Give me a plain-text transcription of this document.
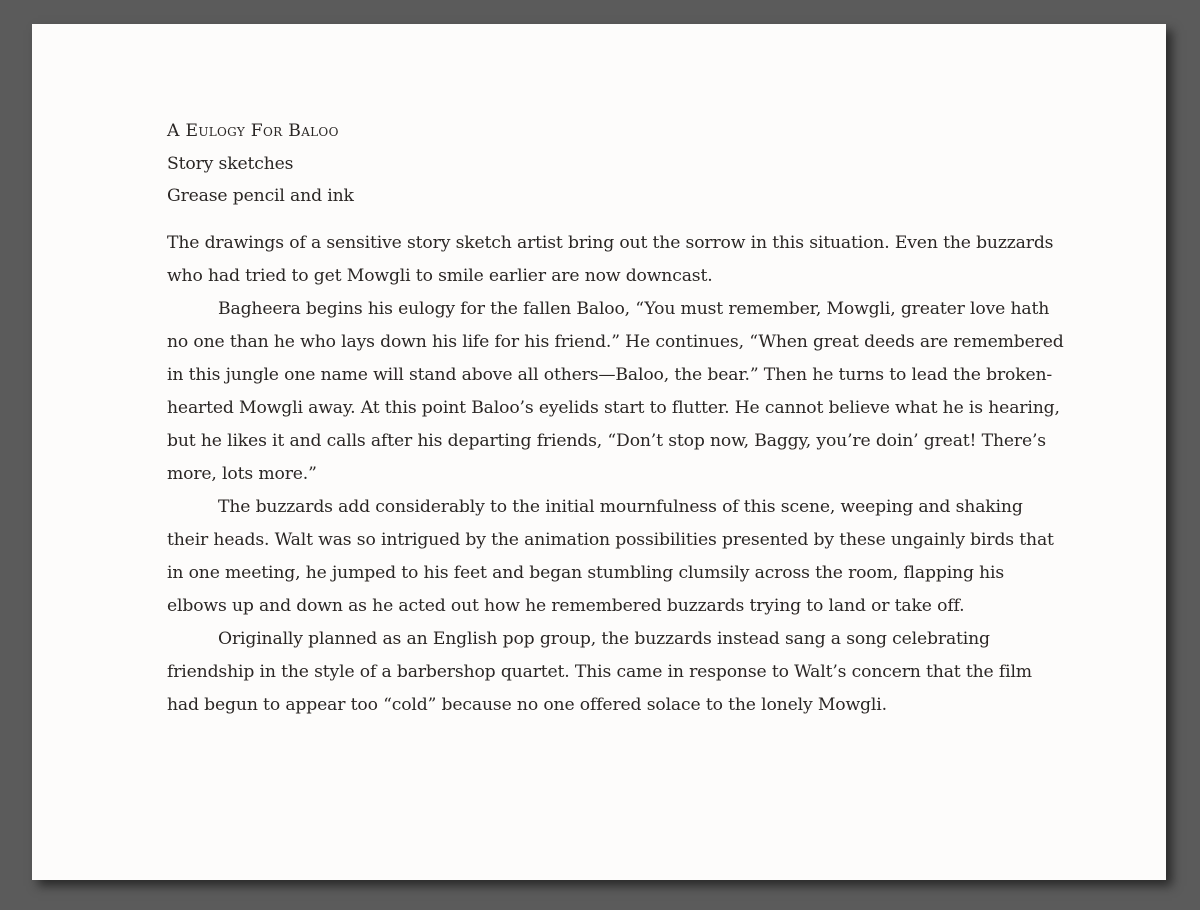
A Eulogy For Baloo

Story sketches

Grease pencil and ink

The drawings of a sensitive story sketch artist bring out the sorrow in this situation. Even the buzzards who had tried to get Mowgli to smile earlier are now downcast.

Bagheera begins his eulogy for the fallen Baloo, “You must remember, Mowgli, greater love hath no one than he who lays down his life for his friend.” He continues, “When great deeds are remembered in this jungle one name will stand above all others—Baloo, the bear.” Then he turns to lead the broken-hearted Mowgli away. At this point Baloo’s eyelids start to flutter. He cannot believe what he is hearing, but he likes it and calls after his departing friends, “Don’t stop now, Baggy, you’re doin’ great! There’s more, lots more.”

The buzzards add considerably to the initial mournfulness of this scene, weeping and shaking their heads. Walt was so intrigued by the animation possibilities presented by these ungainly birds that in one meeting, he jumped to his feet and began stumbling clumsily across the room, flapping his elbows up and down as he acted out how he remembered buzzards trying to land or take off.

Originally planned as an English pop group, the buzzards instead sang a song celebrating friendship in the style of a barbershop quartet. This came in response to Walt’s concern that the film had begun to appear too “cold” because no one offered solace to the lonely Mowgli.
